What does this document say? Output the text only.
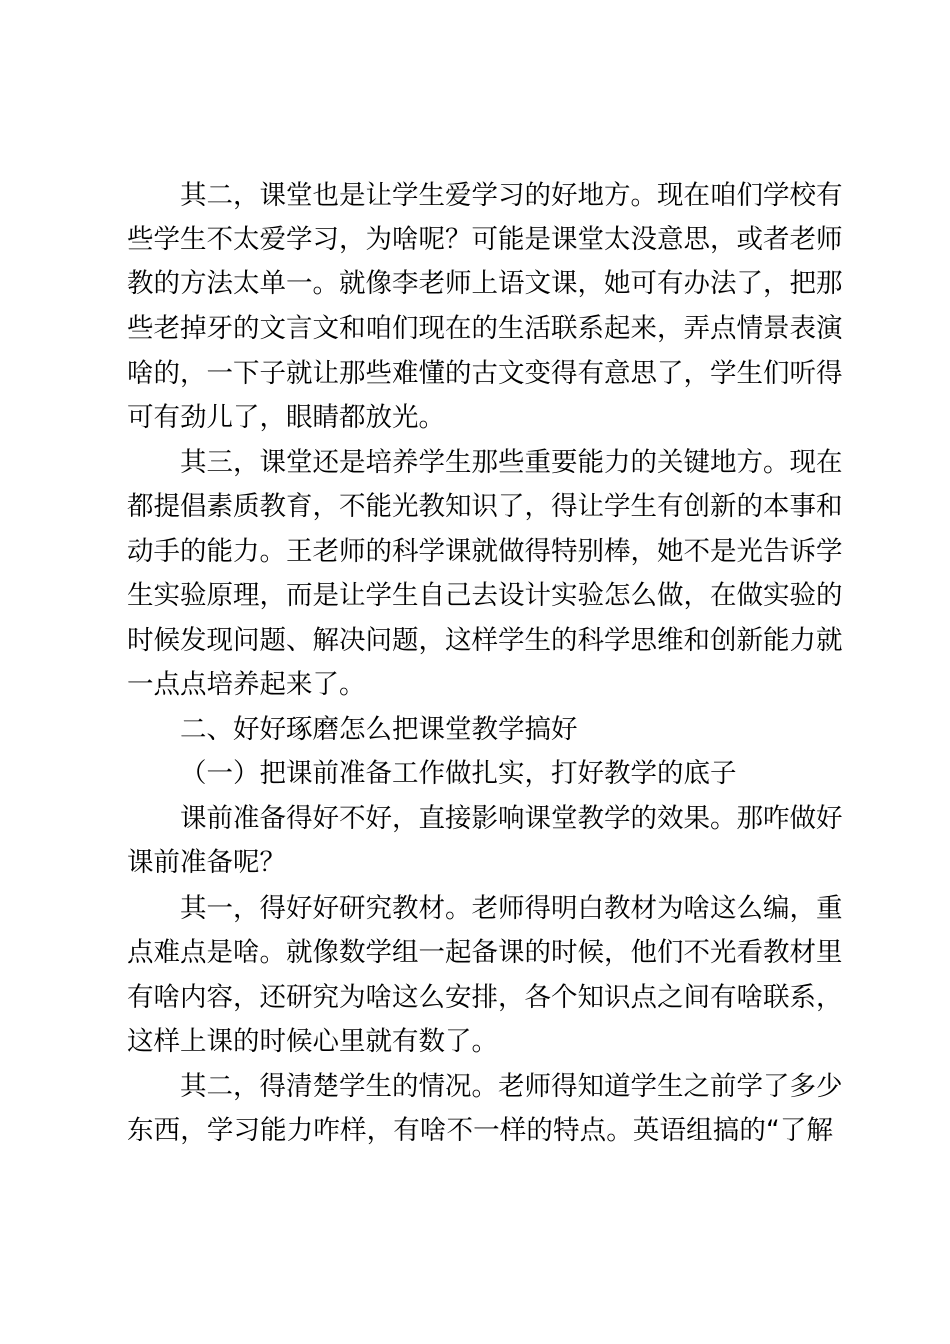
其二，课堂也是让学生爱学习的好地方。现在咱们学校有
些学生不太爱学习，为啥呢？可能是课堂太没意思，或者老师
教的方法太单一。就像李老师上语文课，她可有办法了，把那
些老掉牙的文言文和咱们现在的生活联系起来，弄点情景表演
啥的，一下子就让那些难懂的古文变得有意思了，学生们听得
可有劲儿了，眼睛都放光。
其三，课堂还是培养学生那些重要能力的关键地方。现在
都提倡素质教育，不能光教知识了，得让学生有创新的本事和
动手的能力。王老师的科学课就做得特别棒，她不是光告诉学
生实验原理，而是让学生自己去设计实验怎么做，在做实验的
时候发现问题、解决问题，这样学生的科学思维和创新能力就
一点点培养起来了。
二、好好琢磨怎么把课堂教学搞好
（一）把课前准备工作做扎实，打好教学的底子
课前准备得好不好，直接影响课堂教学的效果。那咋做好
课前准备呢？
其一，得好好研究教材。老师得明白教材为啥这么编，重
点难点是啥。就像数学组一起备课的时候，他们不光看教材里
有啥内容，还研究为啥这么安排，各个知识点之间有啥联系，
这样上课的时候心里就有数了。
其二，得清楚学生的情况。老师得知道学生之前学了多少
东西，学习能力咋样，有啥不一样的特点。英语组搞的“了解
